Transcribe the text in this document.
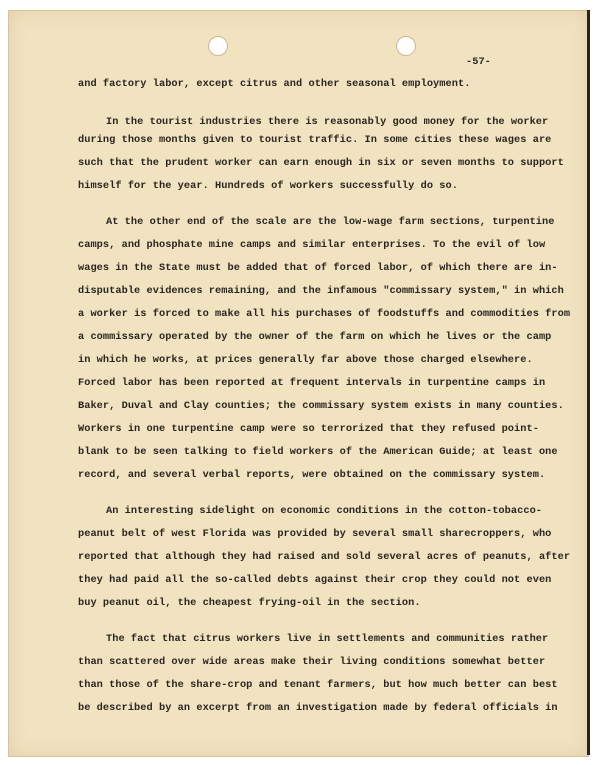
-57-

and factory labor, except citrus and other seasonal employment.

In the tourist industries there is reasonably good money for the worker

during those months given to tourist traffic. In some cities these wages are

such that the prudent worker can earn enough in six or seven months to support

himself for the year. Hundreds of workers successfully do so.

At the other end of the scale are the low-wage farm sections, turpentine

camps, and phosphate mine camps and similar enterprises. To the evil of low

wages in the State must be added that of forced labor, of which there are in-

disputable evidences remaining, and the infamous "commissary system," in which

a worker is forced to make all his purchases of foodstuffs and commodities from

a commissary operated by the owner of the farm on which he lives or the camp

in which he works, at prices generally far above those charged elsewhere.

Forced labor has been reported at frequent intervals in turpentine camps in

Baker, Duval and Clay counties; the commissary system exists in many counties.

Workers in one turpentine camp were so terrorized that they refused point-

blank to be seen talking to field workers of the American Guide; at least one

record, and several verbal reports, were obtained on the commissary system.

An interesting sidelight on economic conditions in the cotton-tobacco-

peanut belt of west Florida was provided by several small sharecroppers, who

reported that although they had raised and sold several acres of peanuts, after

they had paid all the so-called debts against their crop they could not even

buy peanut oil, the cheapest frying-oil in the section.

The fact that citrus workers live in settlements and communities rather

than scattered over wide areas make their living conditions somewhat better

than those of the share-crop and tenant farmers, but how much better can best

be described by an excerpt from an investigation made by federal officials in
